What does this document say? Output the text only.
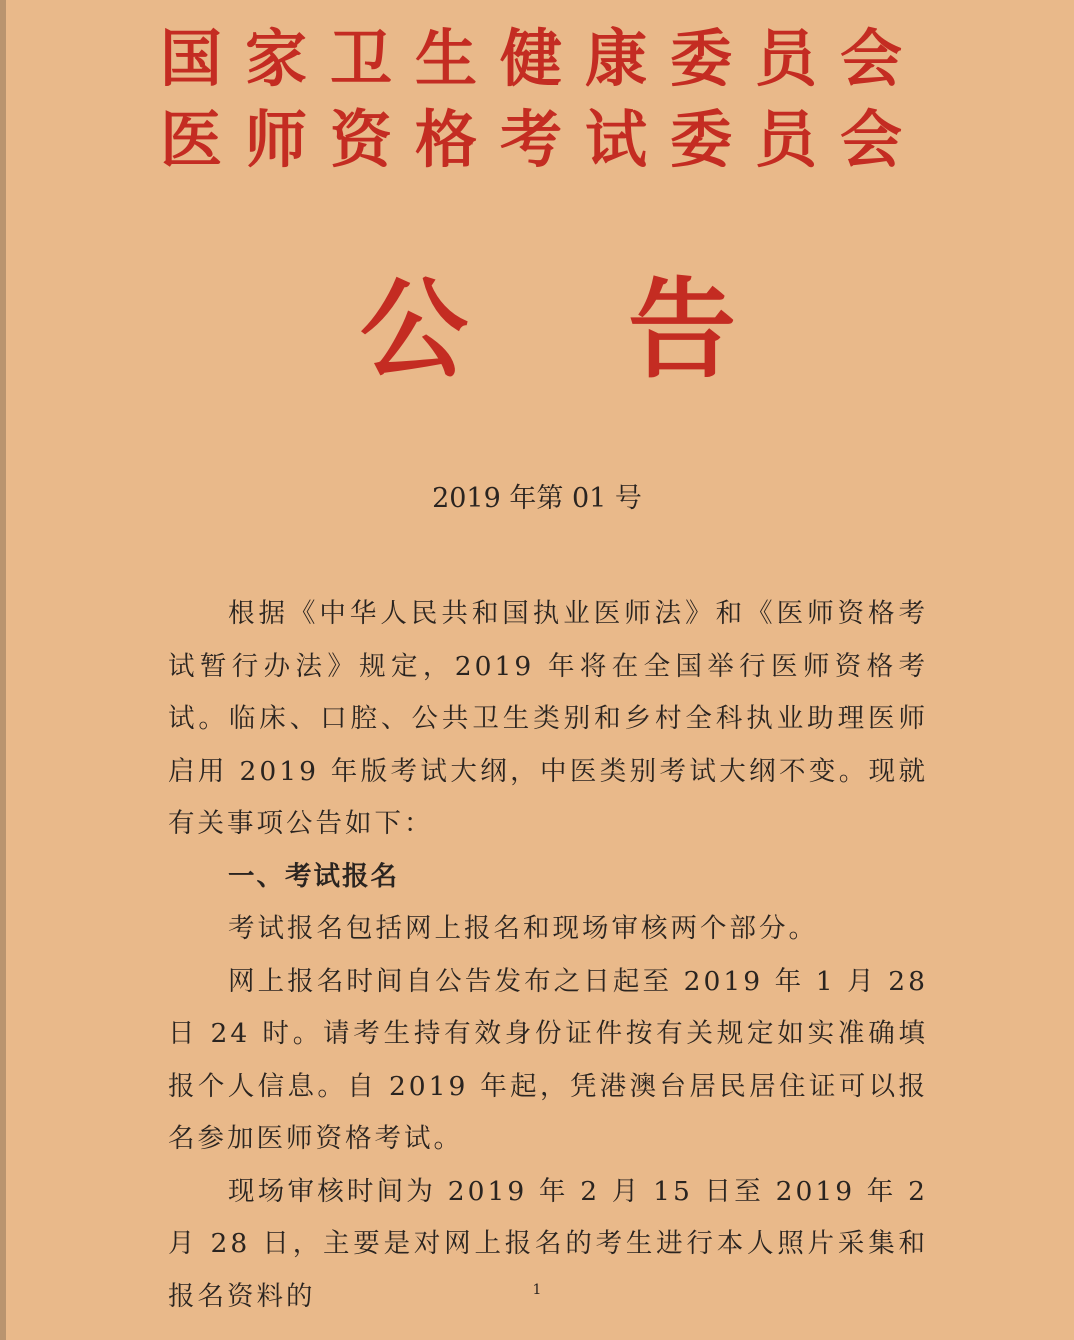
国家卫生健康委员会
医师资格考试委员会
公 告
2019 年第 01 号

根据《中华人民共和国执业医师法》和《医师资格考试暂行办法》规定，2019 年将在全国举行医师资格考试。临床、口腔、公共卫生类别和乡村全科执业助理医师启用 2019 年版考试大纲，中医类别考试大纲不变。现就有关事项公告如下：

一、考试报名

考试报名包括网上报名和现场审核两个部分。

网上报名时间自公告发布之日起至 2019 年 1 月 28 日 24 时。请考生持有效身份证件按有关规定如实准确填报个人信息。自 2019 年起，凭港澳台居民居住证可以报名参加医师资格考试。

现场审核时间为 2019 年 2 月 15 日至 2019 年 2 月 28 日，主要是对网上报名的考生进行本人照片采集和报名资料的	1
